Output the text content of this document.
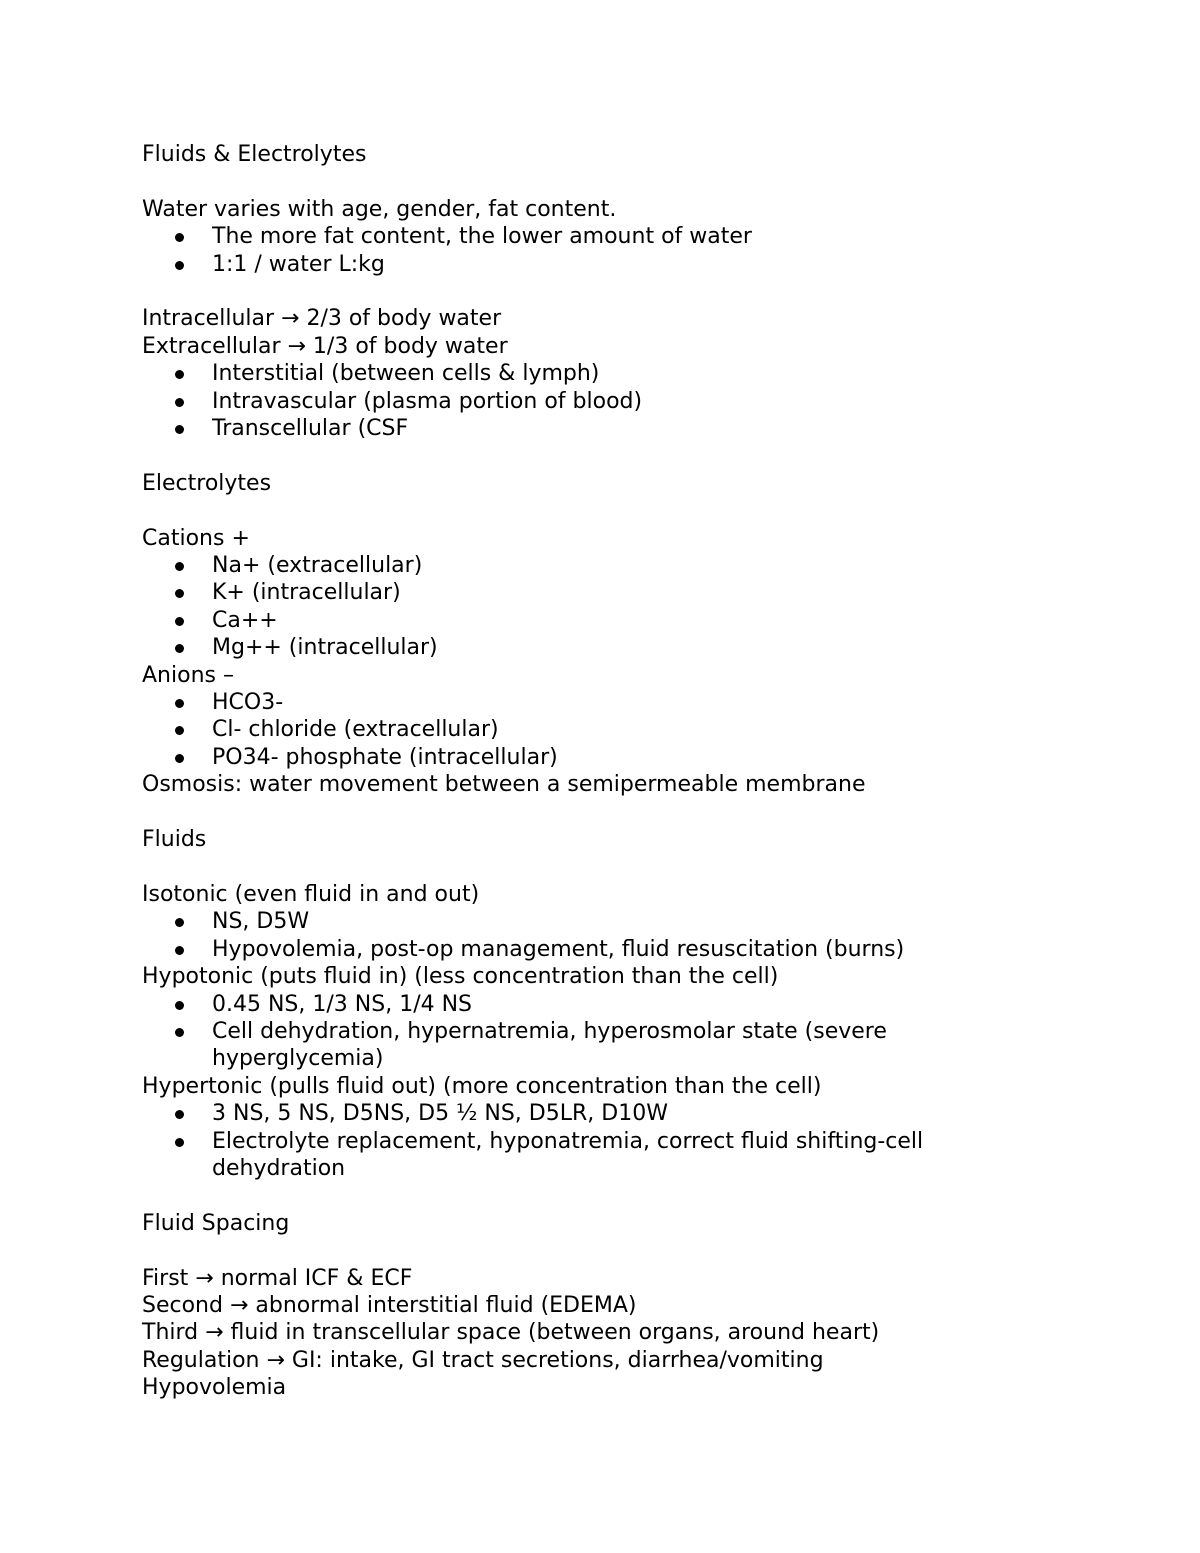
Fluids & Electrolytes

Water varies with age, gender, fat content.

The more fat content, the lower amount of water
1:1 / water L:kg

Intracellular → 2/3 of body water

Extracellular → 1/3 of body water

Interstitial (between cells & lymph)
Intravascular (plasma portion of blood)
Transcellular (CSF

Electrolytes

Cations +

Na+ (extracellular)
K+ (intracellular)
Ca++
Mg++ (intracellular)

Anions –

HCO3-
Cl- chloride (extracellular)
PO34- phosphate (intracellular)

Osmosis: water movement between a semipermeable membrane

Fluids

Isotonic (even fluid in and out)

NS, D5W
Hypovolemia, post-op management, fluid resuscitation (burns)

Hypotonic (puts fluid in) (less concentration than the cell)

0.45 NS, 1/3 NS, 1/4 NS
Cell dehydration, hypernatremia, hyperosmolar state (severe hyperglycemia)

Hypertonic (pulls fluid out) (more concentration than the cell)

3 NS, 5 NS, D5NS, D5 ½ NS, D5LR, D10W
Electrolyte replacement, hyponatremia, correct fluid shifting-cell dehydration

Fluid Spacing

First → normal ICF & ECF

Second → abnormal interstitial fluid (EDEMA)

Third → fluid in transcellular space (between organs, around heart)

Regulation → GI: intake, GI tract secretions, diarrhea/vomiting

Hypovolemia
